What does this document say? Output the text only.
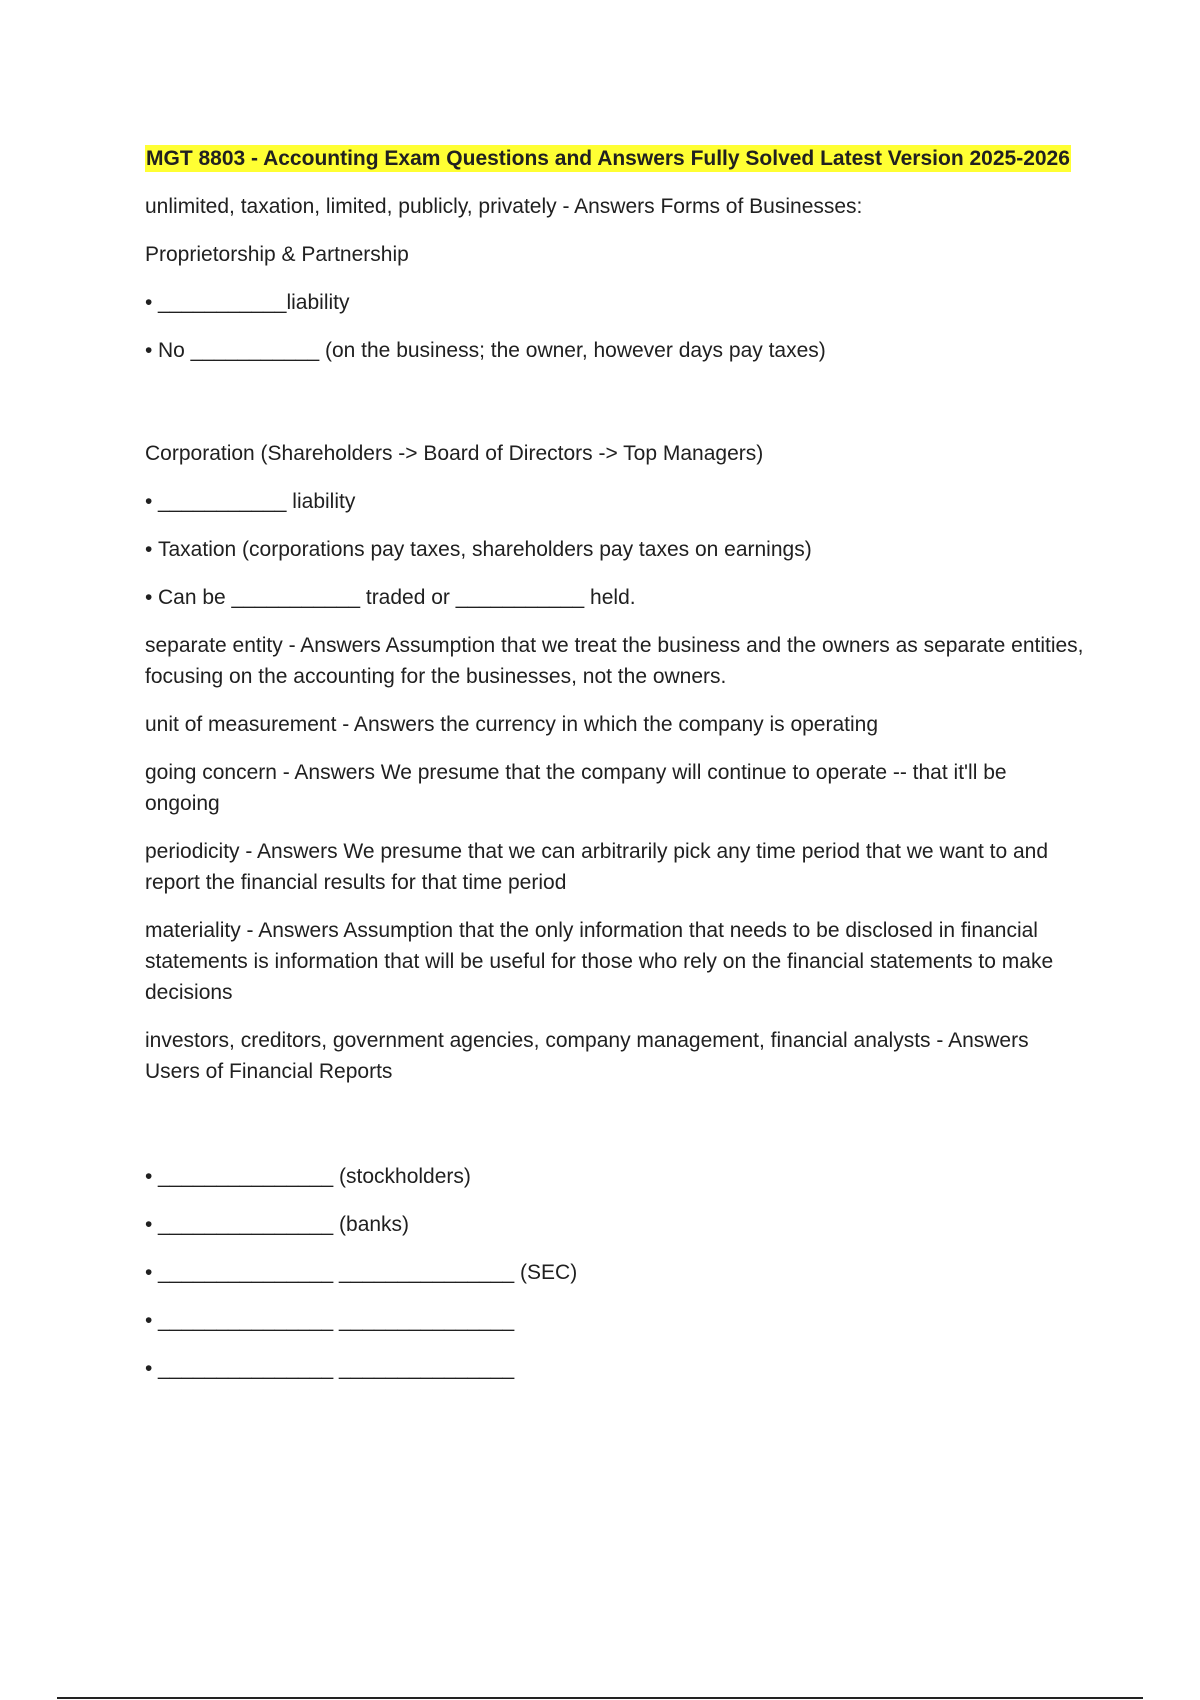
MGT 8803 - Accounting Exam Questions and Answers Fully Solved Latest Version 2025-2026

unlimited, taxation, limited, publicly, privately - Answers Forms of Businesses:

Proprietorship & Partnership

• ___________liability

• No ___________ (on the business; the owner, however days pay taxes)

Corporation (Shareholders -> Board of Directors -> Top Managers)

• ___________ liability

• Taxation (corporations pay taxes, shareholders pay taxes on earnings)

• Can be ___________ traded or ___________ held.

separate entity - Answers Assumption that we treat the business and the owners as separate entities, focusing on the accounting for the businesses, not the owners.

unit of measurement - Answers the currency in which the company is operating

going concern - Answers We presume that the company will continue to operate -- that it'll be ongoing

periodicity - Answers We presume that we can arbitrarily pick any time period that we want to and report the financial results for that time period

materiality - Answers Assumption that the only information that needs to be disclosed in financial statements is information that will be useful for those who rely on the financial statements to make decisions

investors, creditors, government agencies, company management, financial analysts - Answers Users of Financial Reports

• _______________ (stockholders)

• _______________ (banks)

• _______________ _______________ (SEC)

• _______________ _______________

• _______________ _______________
